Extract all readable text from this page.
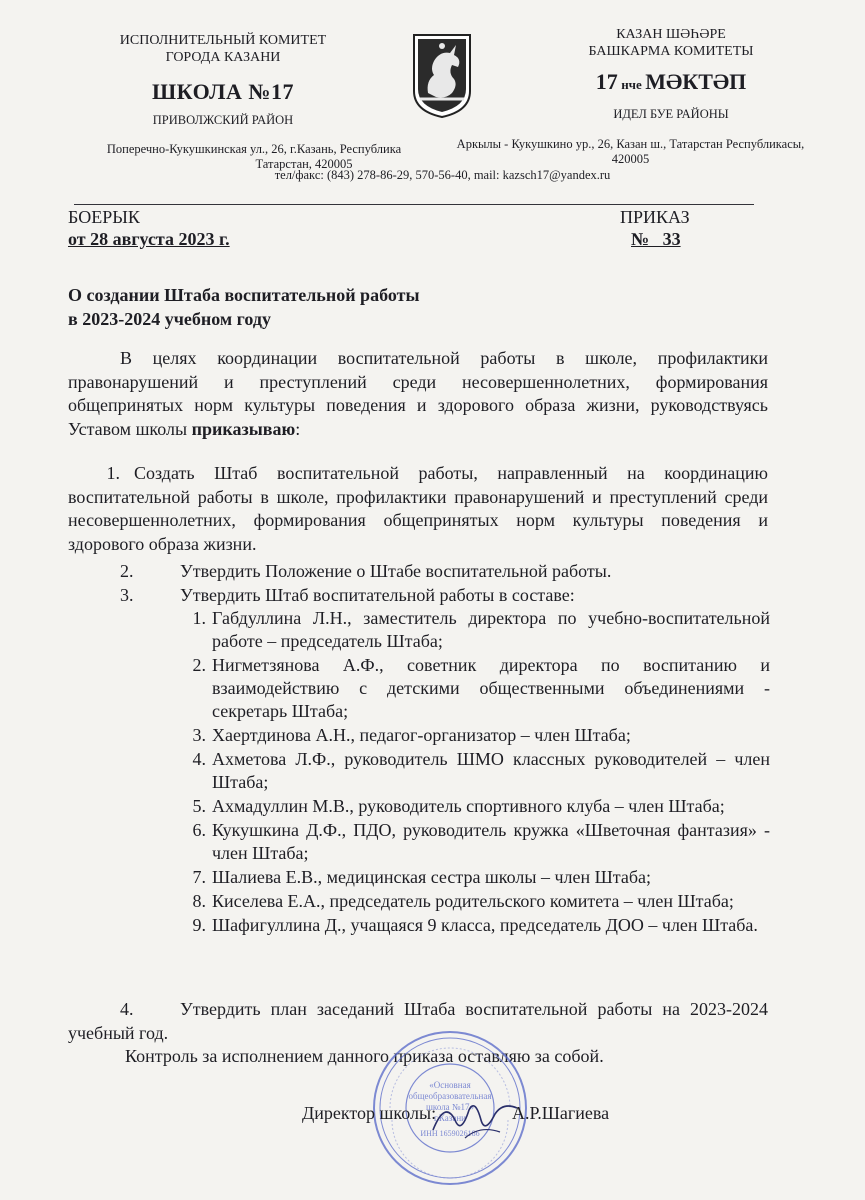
ИСПОЛНИТЕЛЬНЫЙ КОМИТЕТ
ГОРОДА КАЗАНИ
ШКОЛА №17
ПРИВОЛЖСКИЙ РАЙОН
КАЗАН ШӘҺӘРЕ
БАШКАРМА КОМИТЕТЫ
17 нче МӘКТӘП
ИДЕЛ БУЕ РАЙОНЫ
Поперечно-Кукушкинская ул., 26, г.Казань, Республика
Татарстан, 420005
Аркылы - Кукушкино ур., 26, Казан ш., Татарстан Республикасы,
420005
тел/факс: (843) 278-86-29, 570-56-40, mail: kazsch17@yandex.ru
БОЕРЫК	ПРИКАЗ
от 28 августа 2023 г.	№   33
О создании Штаба воспитательной работы
в 2023-2024 учебном году
В целях координации воспитательной работы в школе, профилактики правонарушений и преступлений среди несовершеннолетних, формирования общепринятых норм культуры поведения и здорового образа жизни, руководствуясь Уставом школы приказываю:
1. Создать Штаб воспитательной работы, направленный на координацию воспитательной работы в школе, профилактики правонарушений и преступлений среди несовершеннолетних, формирования общепринятых норм культуры поведения и здорового образа жизни.
2.	Утвердить Положение о Штабе воспитательной работы.
3.	Утвердить Штаб воспитательной работы в составе:
1. Габдуллина Л.Н., заместитель директора по учебно-воспитательной работе – председатель Штаба;
2. Нигметзянова А.Ф., советник директора по воспитанию и взаимодействию с детскими общественными объединениями - секретарь Штаба;
3. Хаертдинова А.Н., педагог-организатор – член Штаба;
4. Ахметова Л.Ф., руководитель ШМО классных руководителей – член Штаба;
5. Ахмадуллин М.В., руководитель спортивного клуба – член Штаба;
6. Кукушкина Д.Ф., ПДО, руководитель кружка «Шветочная фантазия» - член Штаба;
7. Шалиева Е.В., медицинская сестра школы – член Штаба;
8. Киселева Е.А., председатель родительского комитета – член Штаба;
9. Шафигуллина Д., учащаяся 9 класса, председатель ДОО – член Штаба.
4.	Утвердить план заседаний Штаба воспитательной работы на 2023-2024 учебный год.
Контроль за исполнением данного приказа оставляю за собой.
«Основная
общеобразовательная
школа №17»
г.Казани
ИНН 1659026186
Директор школы:	А.Р.Шагиева
